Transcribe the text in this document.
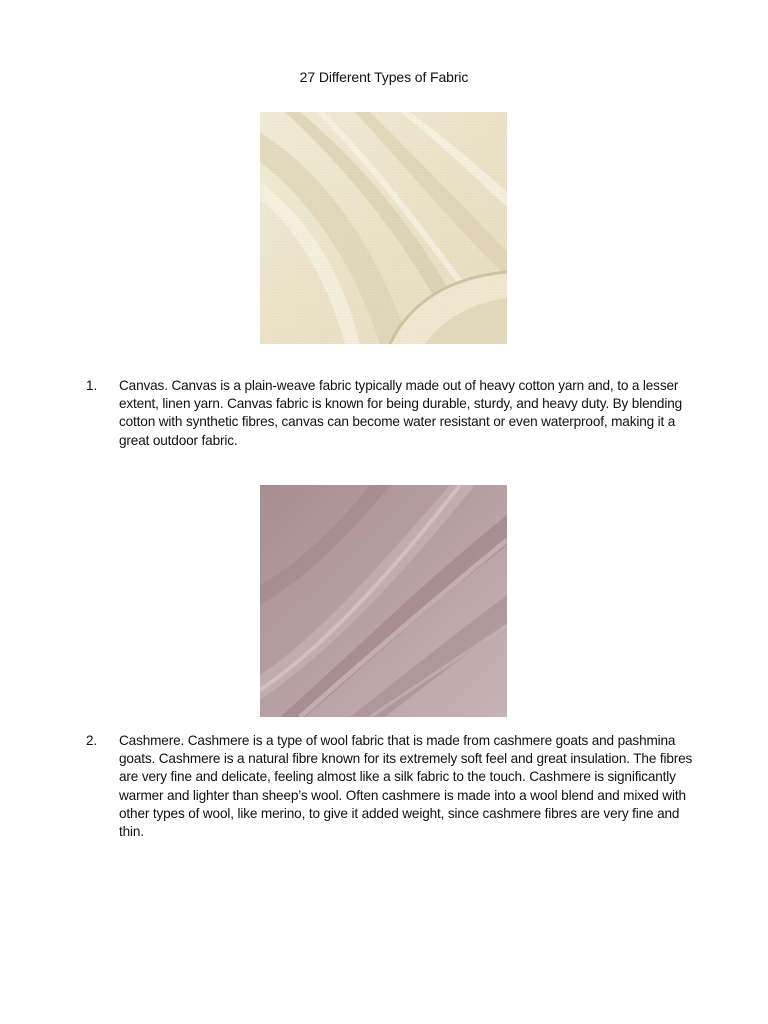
27 Different Types of Fabric
1.	Canvas. Canvas is a plain-weave fabric typically made out of heavy cotton yarn and, to a lesser extent, linen yarn. Canvas fabric is known for being durable, sturdy, and heavy duty. By blending cotton with synthetic fibres, canvas can become water resistant or even waterproof, making it a great outdoor fabric.
2.	Cashmere. Cashmere is a type of wool fabric that is made from cashmere goats and pashmina goats. Cashmere is a natural fibre known for its extremely soft feel and great insulation. The fibres are very fine and delicate, feeling almost like a silk fabric to the touch. Cashmere is significantly warmer and lighter than sheep’s wool. Often cashmere is made into a wool blend and mixed with other types of wool, like merino, to give it added weight, since cashmere fibres are very fine and thin.
